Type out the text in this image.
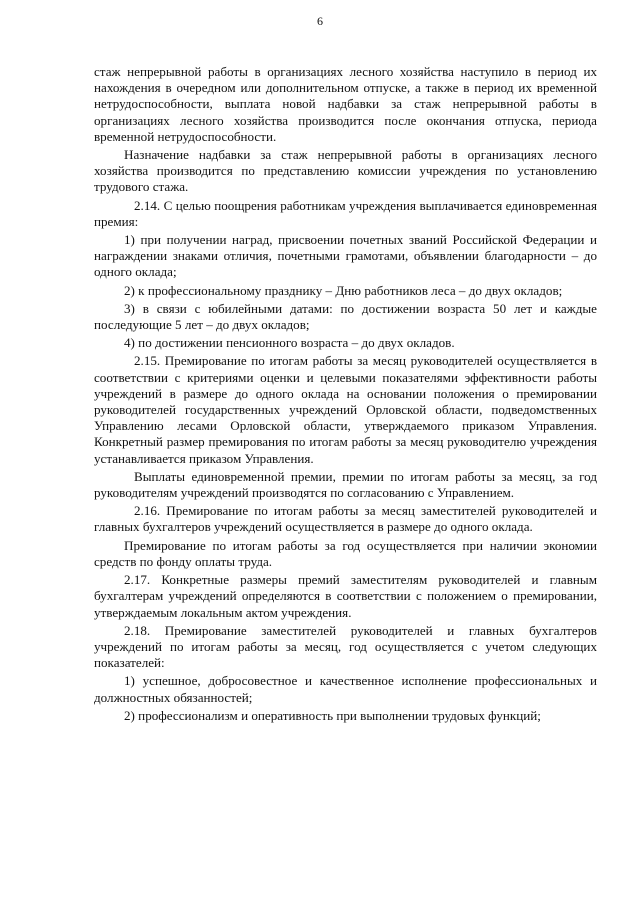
6

стаж непрерывной работы в организациях лесного хозяйства наступило в период их нахождения в очередном или дополнительном отпуске, а также в период их временной нетрудоспособности, выплата новой надбавки за стаж непрерывной работы в организациях лесного хозяйства производится после окончания отпуска, периода временной нетрудоспособности.

Назначение надбавки за стаж непрерывной работы в организациях лесного хозяйства производится по представлению комиссии учреждения по установлению трудового стажа.

2.14. С целью поощрения работникам учреждения выплачивается единовременная премия:

1) при получении наград, присвоении почетных званий Российской Федерации и награждении знаками отличия, почетными грамотами, объявлении благодарности – до одного оклада;

2) к профессиональному празднику – Дню работников леса – до двух окладов;

3) в связи с юбилейными датами: по достижении возраста 50 лет и каждые последующие 5 лет – до двух окладов;

4) по достижении пенсионного возраста – до двух окладов.

2.15. Премирование по итогам работы за месяц руководителей осуществляется в соответствии с критериями оценки и целевыми показателями эффективности работы учреждений в размере до одного оклада на основании положения о премировании руководителей государственных учреждений Орловской области, подведомственных Управлению лесами Орловской области, утверждаемого приказом Управления. Конкретный размер премирования по итогам работы за месяц руководителю учреждения устанавливается приказом Управления.

Выплаты единовременной премии, премии по итогам работы за месяц, за год руководителям учреждений производятся по согласованию с Управлением.

2.16. Премирование по итогам работы за месяц заместителей руководителей и главных бухгалтеров учреждений осуществляется в размере до одного оклада.

Премирование по итогам работы за год осуществляется при наличии экономии средств по фонду оплаты труда.

2.17. Конкретные размеры премий заместителям руководителей и главным бухгалтерам учреждений определяются в соответствии с положением о премировании, утверждаемым локальным актом учреждения.

2.18. Премирование заместителей руководителей и главных бухгалтеров учреждений по итогам работы за месяц, год осуществляется с учетом следующих показателей:

1) успешное, добросовестное и качественное исполнение профессиональных и должностных обязанностей;

2) профессионализм и оперативность при выполнении трудовых функций;
